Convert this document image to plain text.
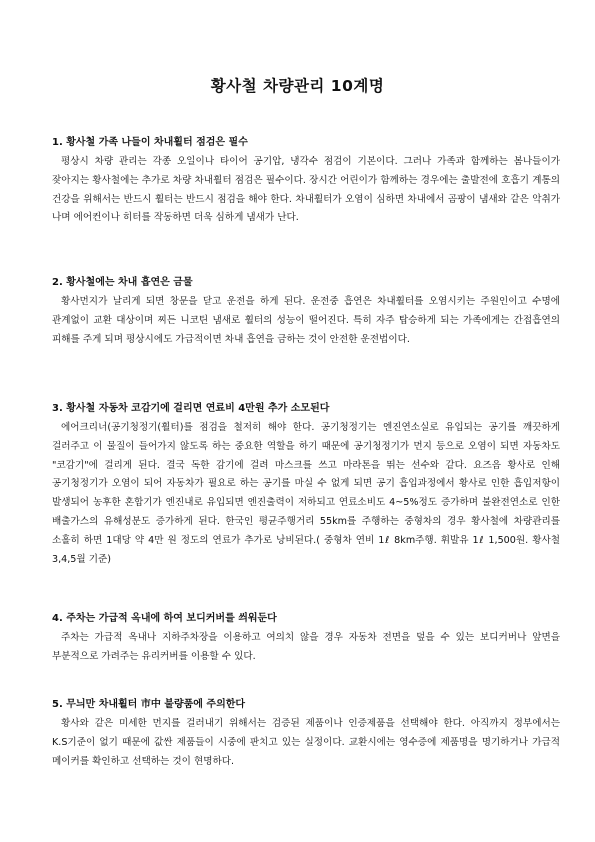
황사철 차량관리 10계명
1. 황사철 가족 나들이 차내휠터 점검은 필수

평상시 차량 관리는 각종 오일이나 타이어 공기압, 냉각수 점검이 기본이다. 그러나 가족과 함께하는 봄나들이가 잦아지는 황사철에는 추가로 차량 차내휠터 점검은 필수이다. 장시간 어린이가 함께하는 경우에는 출발전에 호흡기 계통의 건강을 위해서는 반드시 휠터는 반드시 점검을 해야 한다. 차내휠터가 오염이 심하면 차내에서 곰팡이 냄새와 같은 악취가 나며 에어컨이나 히터를 작동하면 더욱 심하게 냄새가 난다.

2. 황사철에는 차내 흡연은 금물

황사먼지가 날리게 되면 창문을 닫고 운전을 하게 된다. 운전중 흡연은 차내휠터를 오염시키는 주원인이고 수명에 관계없이 교환 대상이며 찌든 니코틴 냄새로 휠터의 성능이 떨어진다. 특히 자주 탑승하게 되는 가족에게는 간접흡연의 피해를 주게 되며 평상시에도 가급적이면 차내 흡연을 금하는 것이 안전한 운전법이다.

3. 황사철 자동차 코감기에 걸리면 연료비 4만원 추가 소모된다

에어크리너(공기청정기(휠터)를 점검을 철저히 해야 한다. 공기청정기는 엔진연소실로 유입되는 공기를 깨끗하게 걸러주고 이 물질이 들어가지 않도록 하는 중요한 역할을 하기 때문에 공기청정기가 먼지 등으로 오염이 되면 자동차도 "코감기"에 걸리게 된다. 결국 독한 감기에 걸려 마스크를 쓰고 마라톤을 뛰는 선수와 같다. 요즈음 황사로 인해 공기청정기가 오염이 되어 자동차가 필요로 하는 공기를 마실 수 없게 되면 공기 흡입과정에서 황사로 인한 흡입저항이 발생되어 농후한 혼합기가 엔진내로 유입되면 엔진출력이 저하되고 연료소비도 4~5%정도 증가하며 불완전연소로 인한 배출가스의 유해성분도 증가하게 된다. 한국인 평균주행거리 55km를 주행하는 중형차의 경우 황사철에 차량관리를 소홀히 하면 1대당 약 4만 원 정도의 연료가 추가로 낭비된다.( 중형차 연비 1ℓ 8km주행. 휘발유 1ℓ 1,500원. 황사철 3,4,5월 기준)

4. 주차는 가급적 옥내에 하여 보디커버를 씌워둔다

주차는 가급적 옥내나 지하주차장을 이용하고 여의치 않을 경우 자동차 전면을 덮을 수 있는 보디커버나 앞면을 부분적으로 가려주는 유리커버를 이용할 수 있다.

5. 무늬만 차내휠터 市中 불량품에 주의한다

황사와 같은 미세한 먼지를 걸러내기 위해서는 검증된 제품이나 인증제품을 선택해야 한다. 아직까지 정부에서는 K.S기준이 없기 때문에 값싼 제품들이 시중에 판치고 있는 실정이다. 교환시에는 영수증에 제품명을 명기하거나 가급적 메이커를 확인하고 선택하는 것이 현명하다.
